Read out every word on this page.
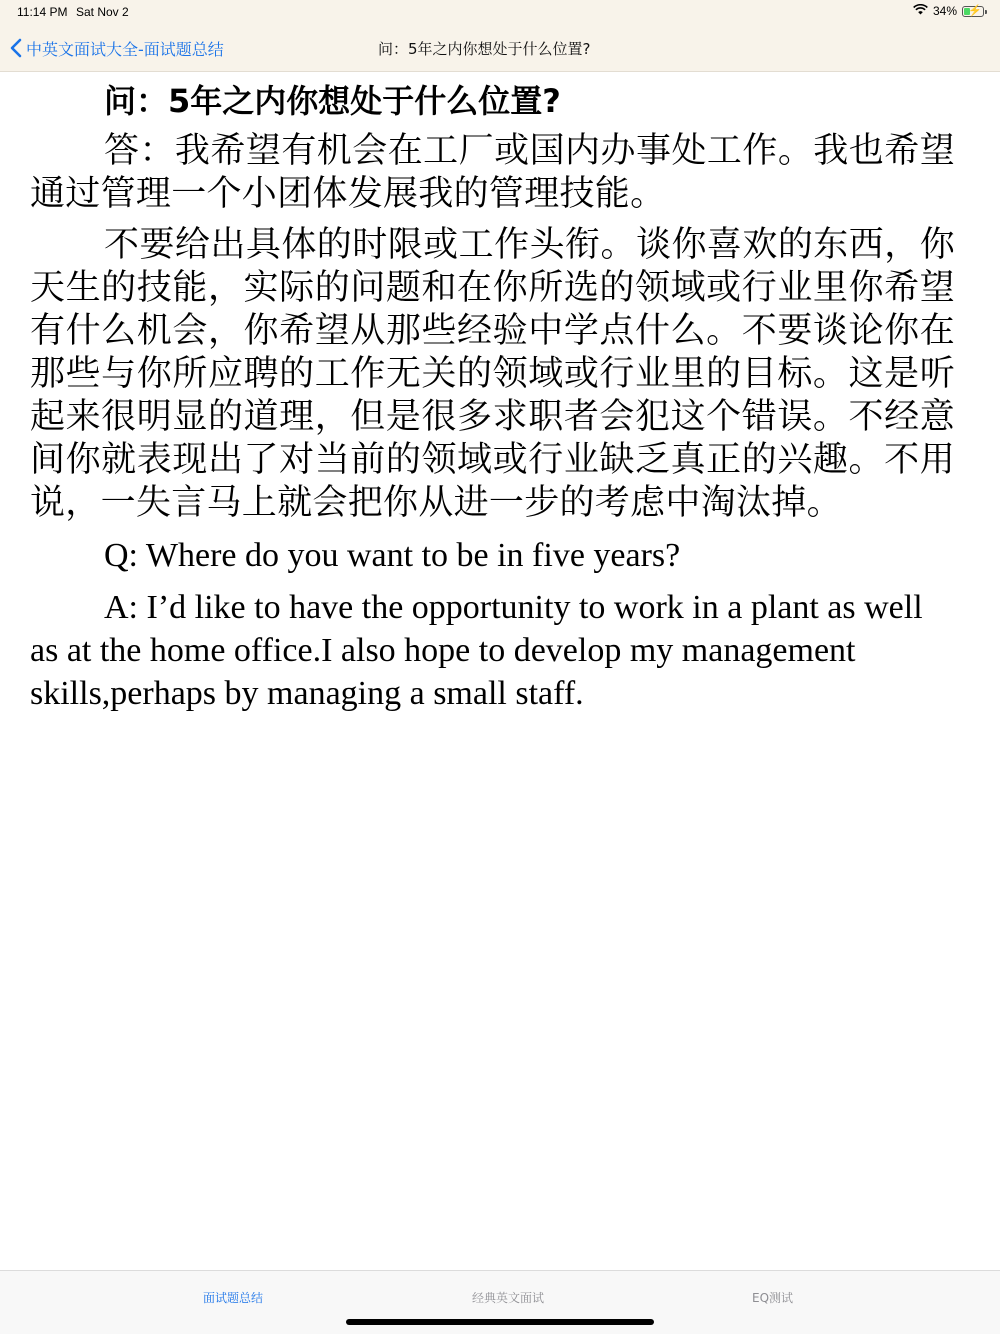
11:14 PM Sat Nov 2	34% ⚡
中英文面试大全-面试题总结	问：5年之内你想处于什么位置?
问：5年之内你想处于什么位置?

答：我希望有机会在工厂或国内办事处工作。我也希望通过管理一个小团体发展我的管理技能。

不要给出具体的时限或工作头衔。谈你喜欢的东西，你天生的技能，实际的问题和在你所选的领域或行业里你希望有什么机会，你希望从那些经验中学点什么。不要谈论你在那些与你所应聘的工作无关的领域或行业里的目标。这是听起来很明显的道理，但是很多求职者会犯这个错误。不经意间你就表现出了对当前的领域或行业缺乏真正的兴趣。不用说，一失言马上就会把你从进一步的考虑中淘汰掉。

Q: Where do you want to be in five years?

A: I’d like to have the opportunity to work in a plant as well as at the home office.I also hope to develop my management skills,perhaps by managing a small staff.

面试题总结	经典英文面试	EQ测试
